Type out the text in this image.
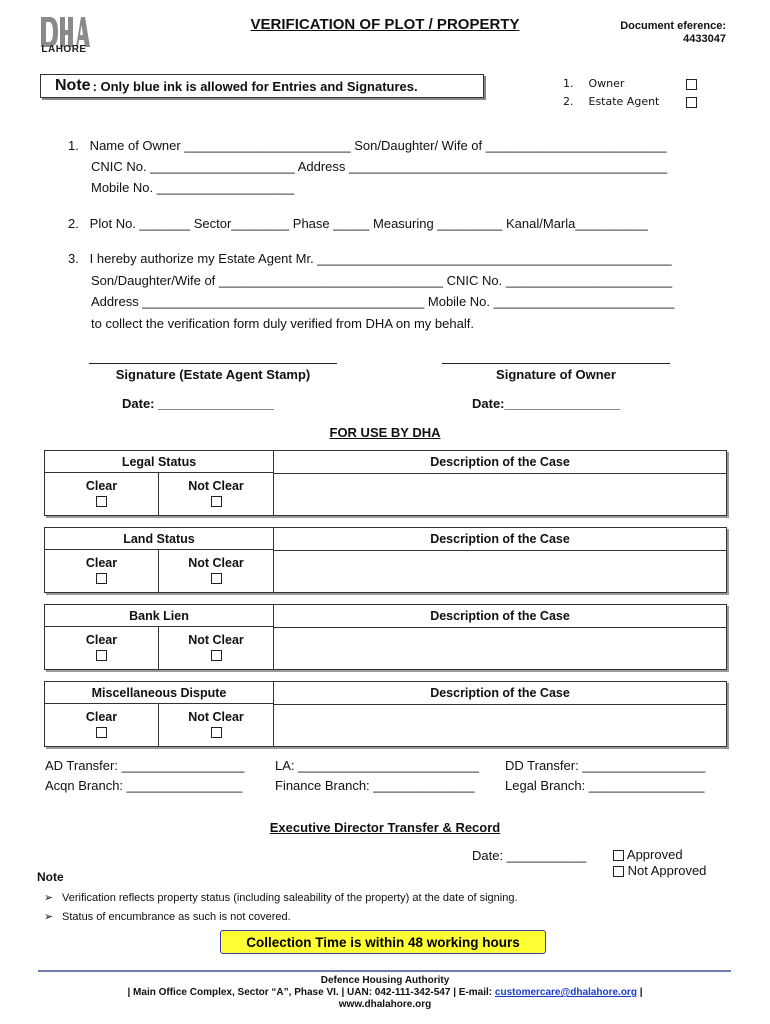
LAHORE
VERIFICATION OF PLOT / PROPERTY	Document eference:
4433047
Note : Only blue ink is allowed for Entries and Signatures.	1. Owner
2. Estate Agent
1.   Name of Owner _______________________ Son/Daughter/ Wife of _________________________
CNIC No. ____________________ Address ____________________________________________
Mobile No. ___________________
2.   Plot No. _______ Sector________ Phase _____ Measuring _________ Kanal/Marla__________
3.   I hereby authorize my Estate Agent Mr. _________________________________________________
Son/Daughter/Wife of _______________________________ CNIC No. _______________________
Address _______________________________________ Mobile No. _________________________
to collect the verification form duly verified from DHA on my behalf.
Signature (Estate Agent Stamp)	Signature of Owner
Date: ________________	Date:________________
FOR USE BY DHA
Legal Status	Description of the Case
Clear	Not Clear
Land Status	Description of the Case
Clear	Not Clear
Bank Lien	Description of the Case
Clear	Not Clear
Miscellaneous Dispute	Description of the Case
Clear	Not Clear
AD Transfer: _________________ LA: _________________________ DD Transfer: _________________
Acqn Branch: ________________	Finance Branch: ______________ Legal Branch: ________________
Executive Director Transfer & Record
Date: ___________	Approved
Not Approved
Note
➢ Verification reflects property status (including saleability of the property) at the date of signing.
➢ Status of encumbrance as such is not covered.
Collection Time is within 48 working hours
Defence Housing Authority
| Main Office Complex, Sector “A”, Phase VI. | UAN: 042-111-342-547 | E-mail: customercare@dhalahore.org |
www.dhalahore.org
